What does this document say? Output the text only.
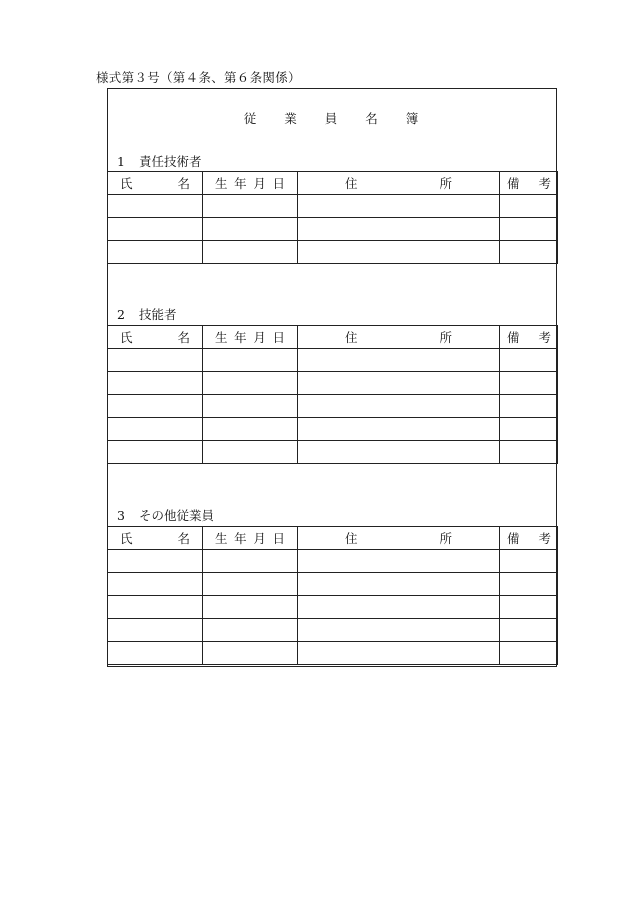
様式第３号（第４条、第６条関係）
従 業 員 名 簿
1 責任技術者
氏 名	生 年 月 日	住 所	備 考

2 技能者
氏 名	生 年 月 日	住 所	備 考

3 その他従業員
氏 名	生 年 月 日	住 所	備 考
